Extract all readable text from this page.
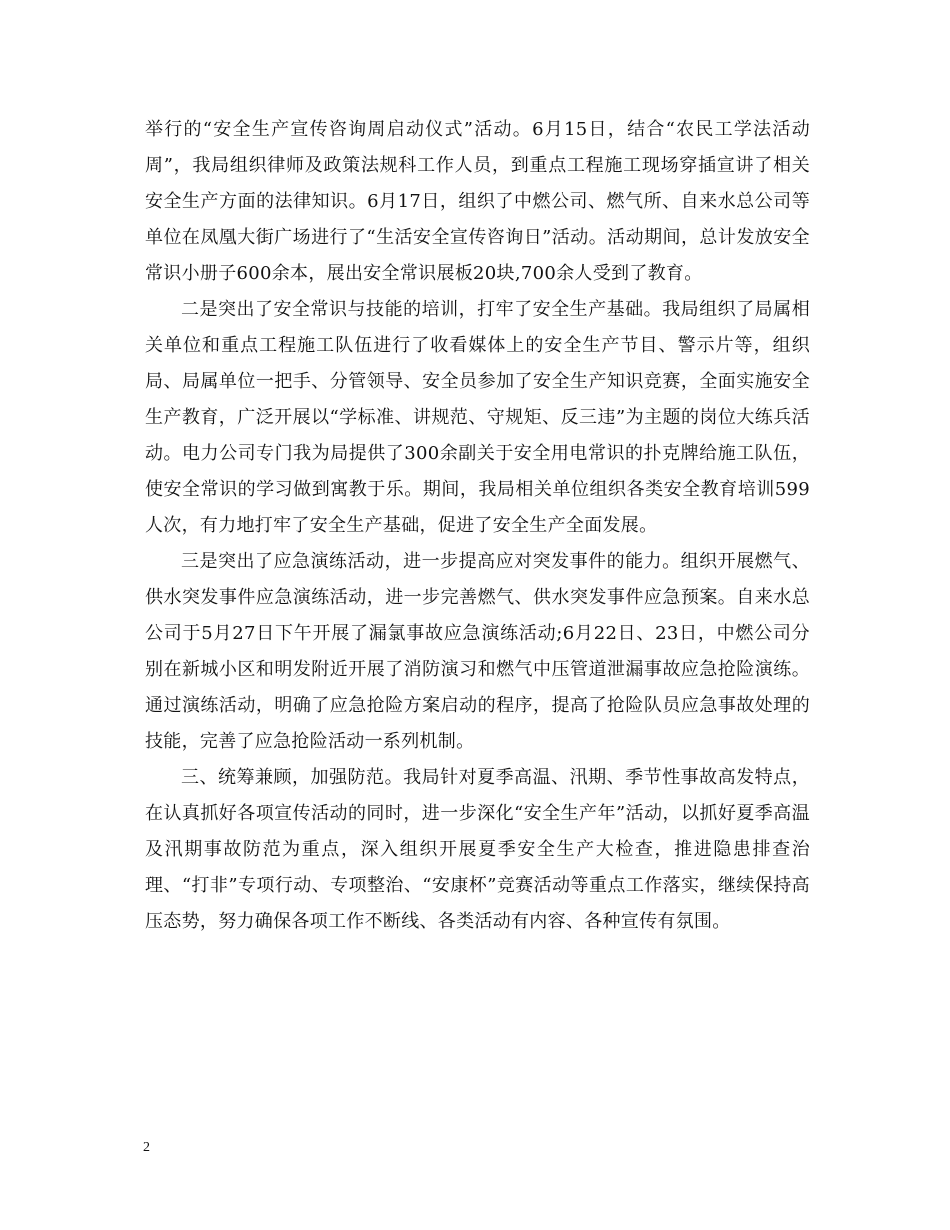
举行的“安全生产宣传咨询周启动仪式”活动。6月15日，结合“农民工学法活动周”，我局组织律师及政策法规科工作人员，到重点工程施工现场穿插宣讲了相关安全生产方面的法律知识。6月17日，组织了中燃公司、燃气所、自来水总公司等单位在凤凰大街广场进行了“生活安全宣传咨询日”活动。活动期间，总计发放安全常识小册子600余本，展出安全常识展板20块,700余人受到了教育。

二是突出了安全常识与技能的培训，打牢了安全生产基础。我局组织了局属相关单位和重点工程施工队伍进行了收看媒体上的安全生产节目、警示片等，组织局、局属单位一把手、分管领导、安全员参加了安全生产知识竞赛，全面实施安全生产教育，广泛开展以“学标准、讲规范、守规矩、反三违”为主题的岗位大练兵活动。电力公司专门我为局提供了300余副关于安全用电常识的扑克牌给施工队伍，使安全常识的学习做到寓教于乐。期间，我局相关单位组织各类安全教育培训599人次，有力地打牢了安全生产基础，促进了安全生产全面发展。

三是突出了应急演练活动，进一步提高应对突发事件的能力。组织开展燃气、供水突发事件应急演练活动，进一步完善燃气、供水突发事件应急预案。自来水总公司于5月27日下午开展了漏氯事故应急演练活动;6月22日、23日，中燃公司分别在新城小区和明发附近开展了消防演习和燃气中压管道泄漏事故应急抢险演练。通过演练活动，明确了应急抢险方案启动的程序，提高了抢险队员应急事故处理的技能，完善了应急抢险活动一系列机制。

三、统筹兼顾，加强防范。我局针对夏季高温、汛期、季节性事故高发特点，在认真抓好各项宣传活动的同时，进一步深化“安全生产年”活动，以抓好夏季高温及汛期事故防范为重点，深入组织开展夏季安全生产大检查，推进隐患排查治理、“打非”专项行动、专项整治、“安康杯”竞赛活动等重点工作落实，继续保持高压态势，努力确保各项工作不断线、各类活动有内容、各种宣传有氛围。

2
